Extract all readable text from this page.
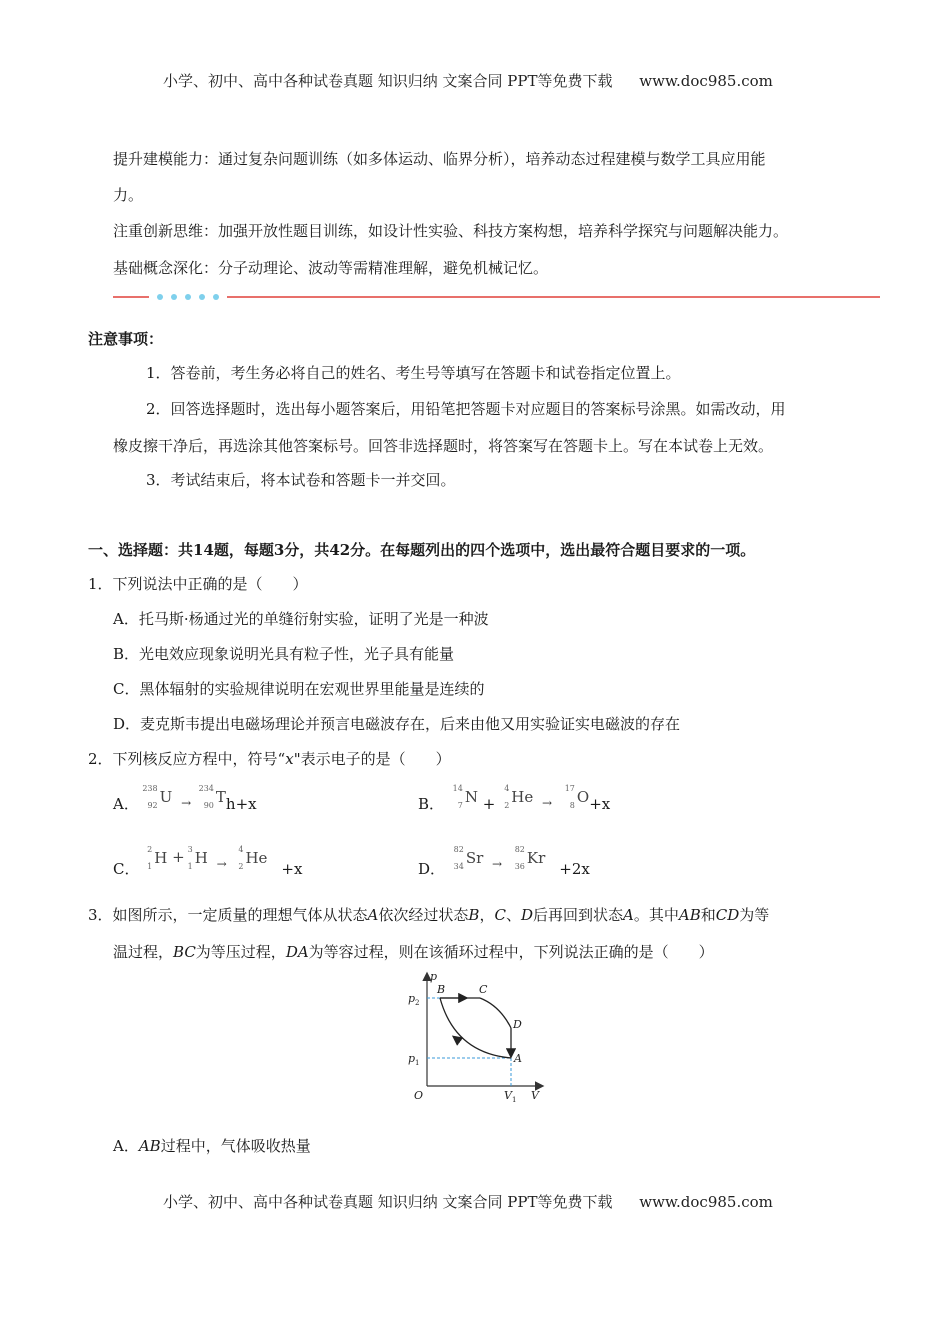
小学、初中、高中各种试卷真题 知识归纳 文案合同 PPT等免费下载 www.doc985.com
提升建模能力：通过复杂问题训练（如多体运动、临界分析），培养动态过程建模与数学工具应用能
力。
注重创新思维：加强开放性题目训练，如设计性实验、科技方案构想，培养科学探究与问题解决能力。
基础概念深化：分子动理论、波动等需精准理解，避免机械记忆。
注意事项：
1．答卷前，考生务必将自己的姓名、考生号等填写在答题卡和试卷指定位置上。
2．回答选择题时，选出每小题答案后，用铅笔把答题卡对应题目的答案标号涂黑。如需改动，用
橡皮擦干净后，再选涂其他答案标号。回答非选择题时，将答案写在答题卡上。写在本试卷上无效。
3．考试结束后，将本试卷和答题卡一并交回。
一、选择题：共14题，每题3分，共42分。在每题列出的四个选项中，选出最符合题目要求的一项。
1．下列说法中正确的是（　　）
A．托马斯·杨通过光的单缝衍射实验，证明了光是一种波
B．光电效应现象说明光具有粒子性，光子具有能量
C．黑体辐射的实验规律说明在宏观世界里能量是连续的
D．麦克斯韦提出电磁场理论并预言电磁波存在，后来由他又用实验证实电磁波的存在
2．下列核反应方程中，符号“x"表示电子的是（　　）
A．
238
92 U $_\to$
234
90 Th+x	B．
14
7 N +
4
2 He $_\to$
17
8 O+x
C．
2
1 H + 3
1 H $_\to$
4
2 He+x	D．
82
34 Sr $_\to$
82
36 Kr+2x
3．如图所示，一定质量的理想气体从状态A依次经过状态B，C、D后再回到状态A。其中AB和CD为等
温过程，BC为等压过程，DA为等容过程，则在该循环过程中，下列说法正确的是（　　）
p
V
O
$p_2$
$p_1$
$V_1$
B	C
D
A
A．AB过程中，气体吸收热量
小学、初中、高中各种试卷真题 知识归纳 文案合同 PPT等免费下载 www.doc985.com
